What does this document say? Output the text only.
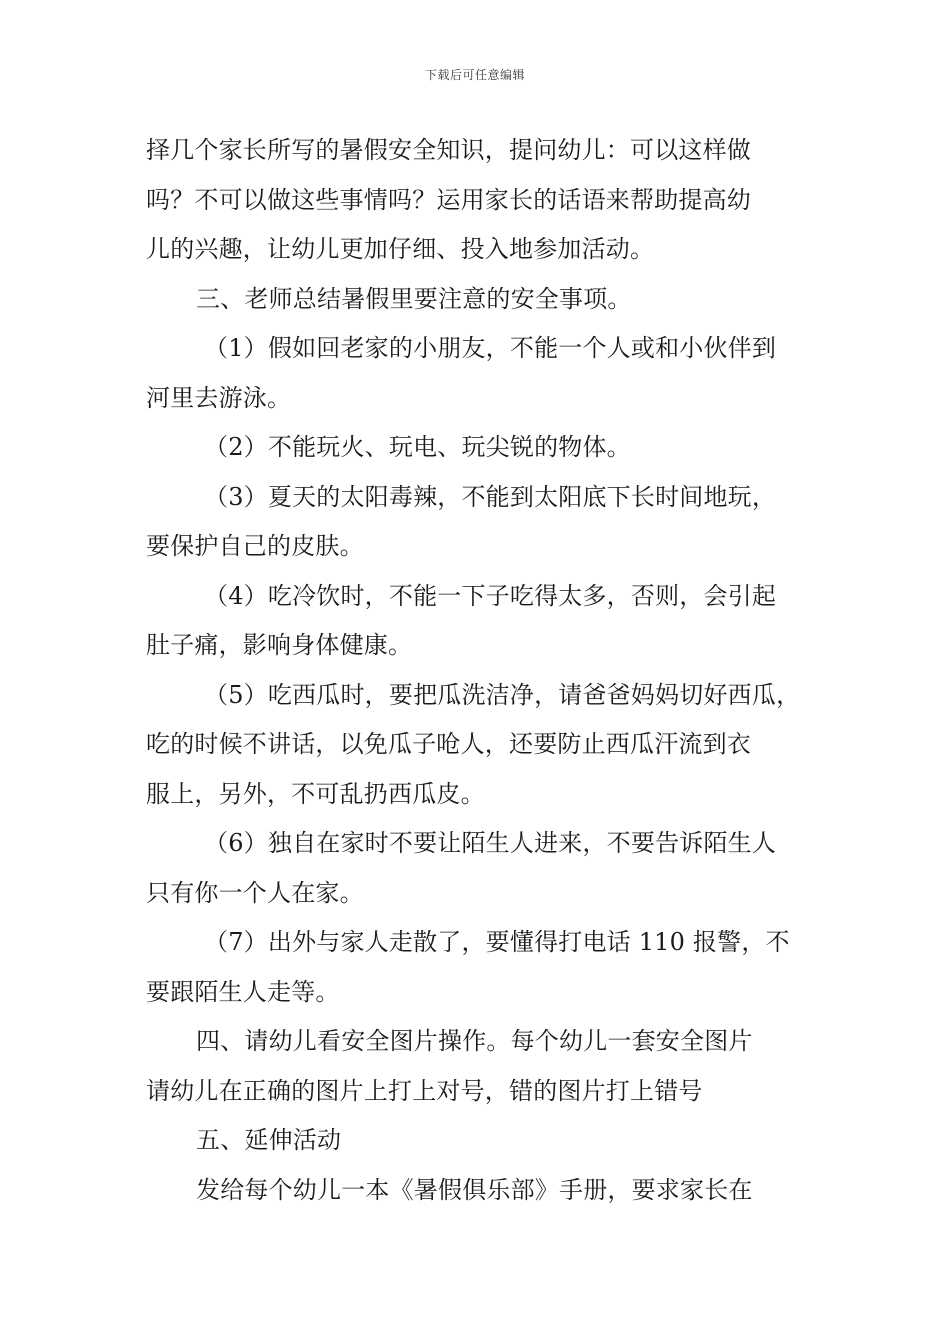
下载后可任意编辑

择几个家长所写的暑假安全知识，提问幼儿：可以这样做
吗？不可以做这些事情吗？运用家长的话语来帮助提高幼
儿的兴趣，让幼儿更加仔细、投入地参加活动。

三、老师总结暑假里要注意的安全事项。

（1）假如回老家的小朋友，不能一个人或和小伙伴到
河里去游泳。

（2）不能玩火、玩电、玩尖锐的物体。

（3）夏天的太阳毒辣，不能到太阳底下长时间地玩，
要保护自己的皮肤。

（4）吃冷饮时，不能一下子吃得太多，否则，会引起
肚子痛，影响身体健康。

（5）吃西瓜时，要把瓜洗洁净，请爸爸妈妈切好西瓜，
吃的时候不讲话，以免瓜子呛人，还要防止西瓜汗流到衣
服上，另外，不可乱扔西瓜皮。

（6）独自在家时不要让陌生人进来，不要告诉陌生人
只有你一个人在家。

（7）出外与家人走散了，要懂得打电话 110 报警，不
要跟陌生人走等。

四、请幼儿看安全图片操作。每个幼儿一套安全图片
请幼儿在正确的图片上打上对号，错的图片打上错号

五、延伸活动

发给每个幼儿一本《暑假俱乐部》手册，要求家长在
